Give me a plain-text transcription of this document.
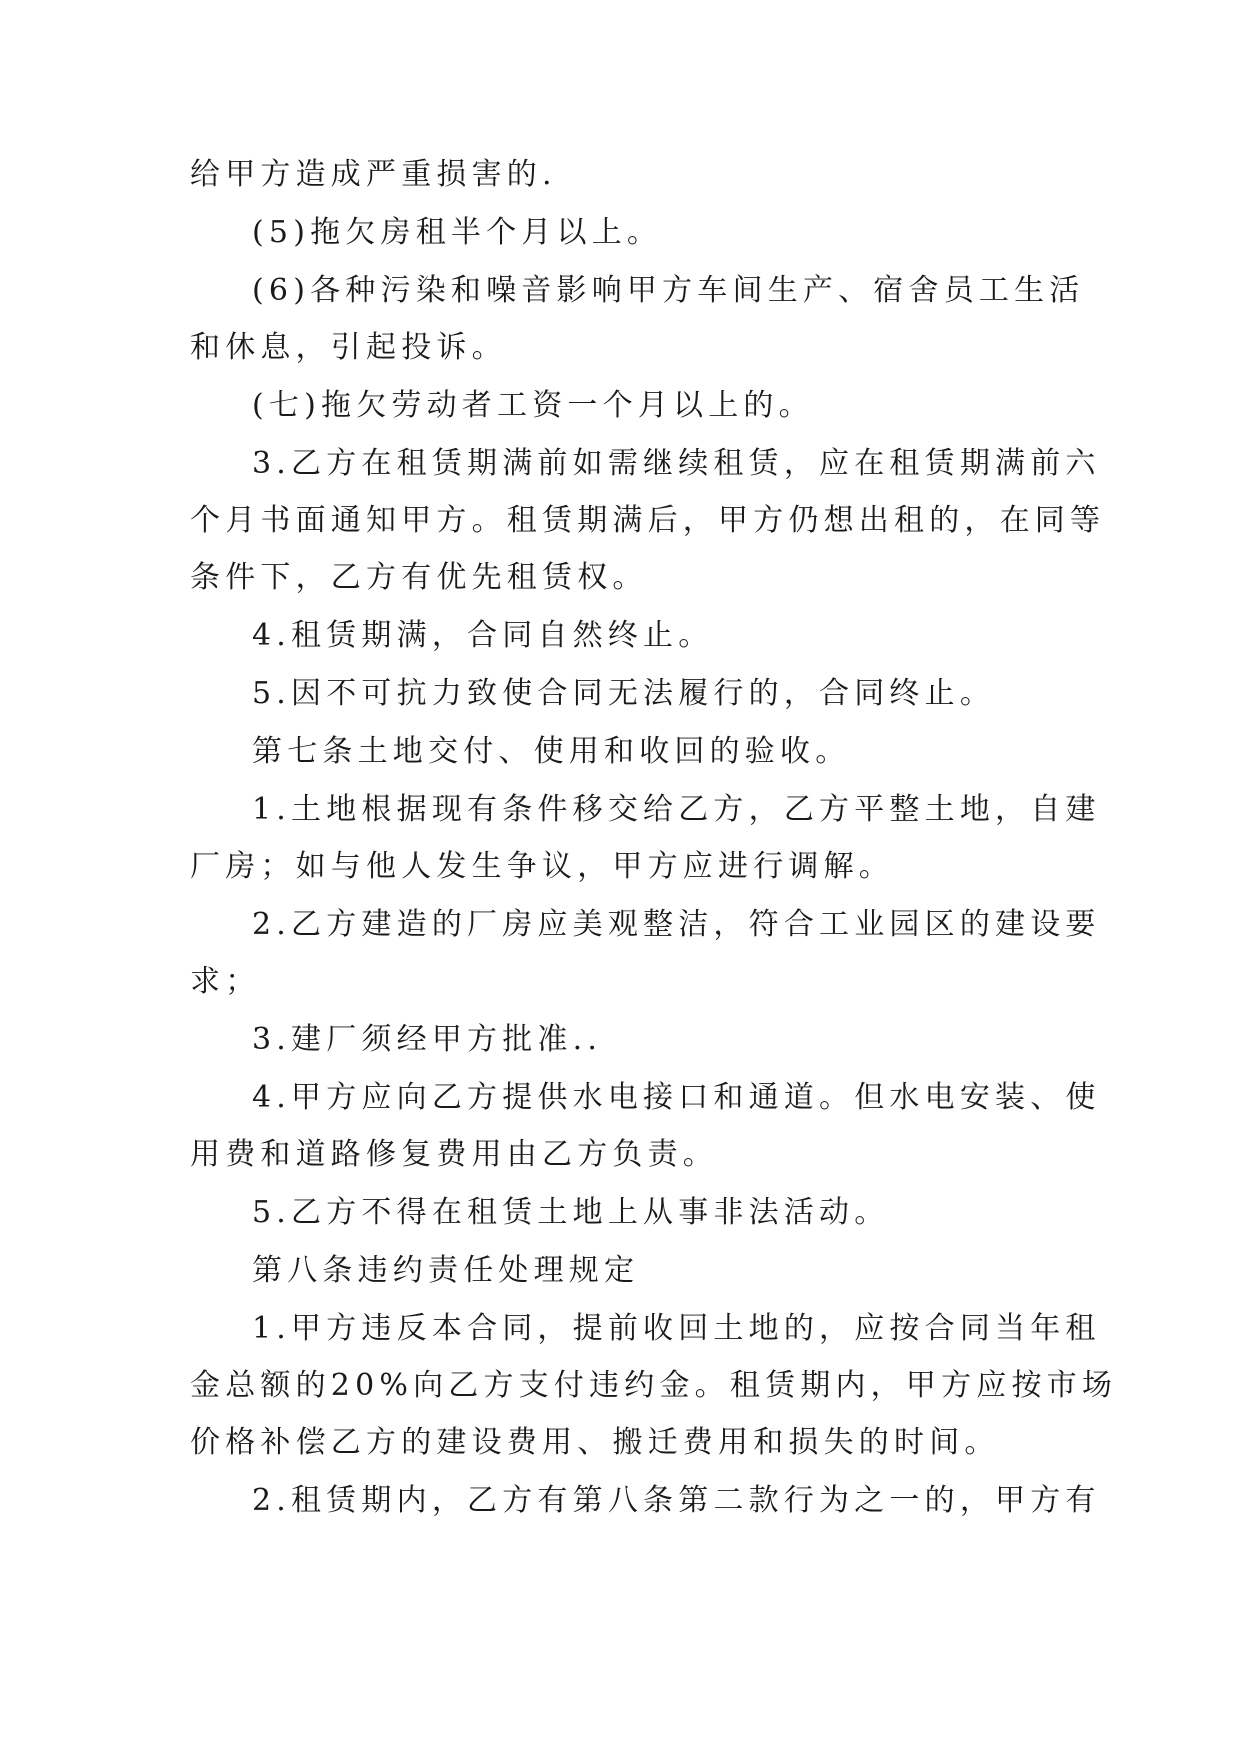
给甲方造成严重损害的.
(5)拖欠房租半个月以上。
(6)各种污染和噪音影响甲方车间生产、宿舍员工生活
和休息，引起投诉。
(七)拖欠劳动者工资一个月以上的。
3.乙方在租赁期满前如需继续租赁，应在租赁期满前六
个月书面通知甲方。租赁期满后，甲方仍想出租的，在同等
条件下，乙方有优先租赁权。
4.租赁期满，合同自然终止。
5.因不可抗力致使合同无法履行的，合同终止。
第七条土地交付、使用和收回的验收。
1.土地根据现有条件移交给乙方，乙方平整土地，自建
厂房；如与他人发生争议，甲方应进行调解。
2.乙方建造的厂房应美观整洁，符合工业园区的建设要
求；
3.建厂须经甲方批准..
4.甲方应向乙方提供水电接口和通道。但水电安装、使
用费和道路修复费用由乙方负责。
5.乙方不得在租赁土地上从事非法活动。
第八条违约责任处理规定
1.甲方违反本合同，提前收回土地的，应按合同当年租
金总额的20%向乙方支付违约金。租赁期内，甲方应按市场
价格补偿乙方的建设费用、搬迁费用和损失的时间。
2.租赁期内，乙方有第八条第二款行为之一的，甲方有
